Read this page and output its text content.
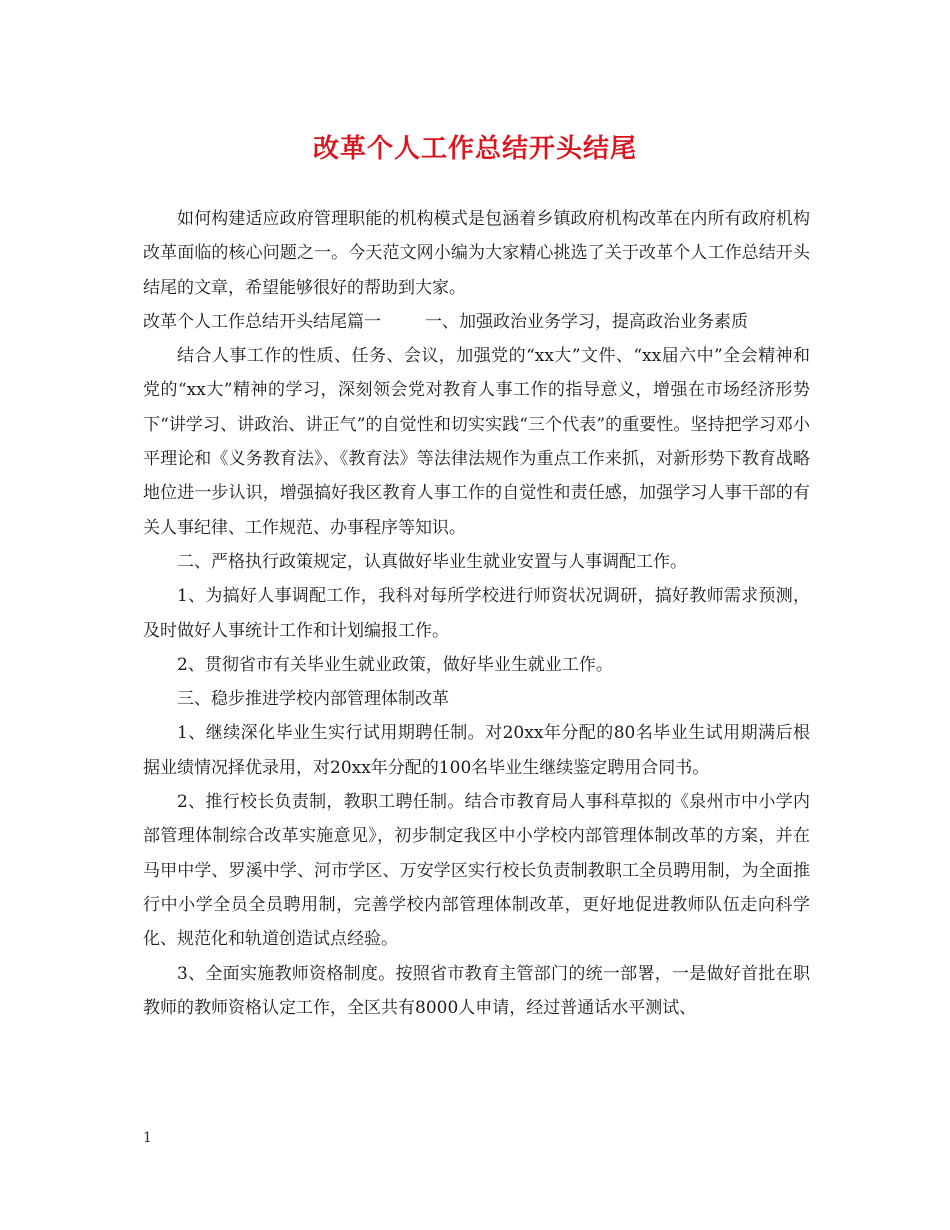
改革个人工作总结开头结尾

如何构建适应政府管理职能的机构模式是包涵着乡镇政府机构改革在内所有政府机构改革面临的核心问题之一。今天范文网小编为大家精心挑选了关于改革个人工作总结开头结尾的文章，希望能够很好的帮助到大家。

改革个人工作总结开头结尾篇一	一、加强政治业务学习，提高政治业务素质

结合人事工作的性质、任务、会议，加强党的“xx大”文件、“xx届六中”全会精神和党的“xx大”精神的学习，深刻领会党对教育人事工作的指导意义，增强在市场经济形势下“讲学习、讲政治、讲正气”的自觉性和切实实践“三个代表”的重要性。坚持把学习邓小平理论和《义务教育法》、《教育法》等法律法规作为重点工作来抓，对新形势下教育战略地位进一步认识，增强搞好我区教育人事工作的自觉性和责任感，加强学习人事干部的有关人事纪律、工作规范、办事程序等知识。

二、严格执行政策规定，认真做好毕业生就业安置与人事调配工作。

1、为搞好人事调配工作，我科对每所学校进行师资状况调研，搞好教师需求预测，及时做好人事统计工作和计划编报工作。

2、贯彻省市有关毕业生就业政策，做好毕业生就业工作。

三、稳步推进学校内部管理体制改革

1、继续深化毕业生实行试用期聘任制。对20xx年分配的80名毕业生试用期满后根据业绩情况择优录用，对20xx年分配的100名毕业生继续鉴定聘用合同书。

2、推行校长负责制，教职工聘任制。结合市教育局人事科草拟的《泉州市中小学内部管理体制综合改革实施意见》，初步制定我区中小学校内部管理体制改革的方案，并在马甲中学、罗溪中学、河市学区、万安学区实行校长负责制教职工全员聘用制，为全面推行中小学全员全员聘用制，完善学校内部管理体制改革，更好地促进教师队伍走向科学化、规范化和轨道创造试点经验。

3、全面实施教师资格制度。按照省市教育主管部门的统一部署，一是做好首批在职教师的教师资格认定工作，全区共有8000人申请，经过普通话水平测试、

1
